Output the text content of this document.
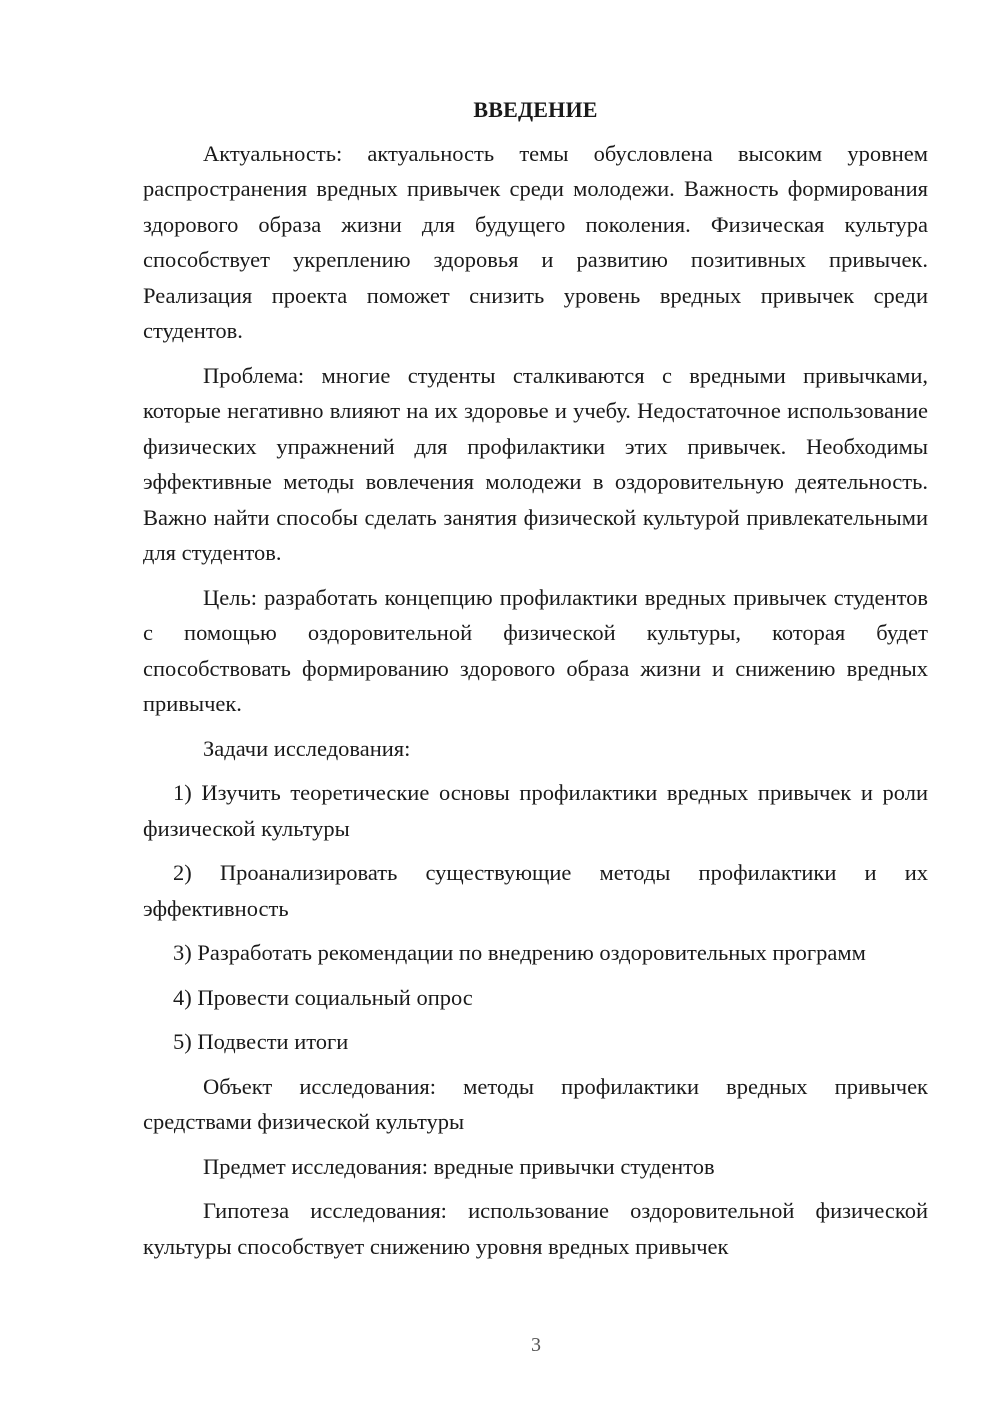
ВВЕДЕНИЕ

Актуальность: актуальность темы обусловлена высоким уровнем распространения вредных привычек среди молодежи. Важность формирования здорового образа жизни для будущего поколения. Физическая культура способствует укреплению здоровья и развитию позитивных привычек. Реализация проекта поможет снизить уровень вредных привычек среди студентов.

Проблема: многие студенты сталкиваются с вредными привычками, которые негативно влияют на их здоровье и учебу. Недостаточное использование физических упражнений для профилактики этих привычек. Необходимы эффективные методы вовлечения молодежи в оздоровительную деятельность. Важно найти способы сделать занятия физической культурой привлекательными для студентов.

Цель: разработать концепцию профилактики вредных привычек студентов с помощью оздоровительной физической культуры, которая будет способствовать формированию здорового образа жизни и снижению вредных привычек.

Задачи исследования:

1) Изучить теоретические основы профилактики вредных привычек и роли физической культуры

2) Проанализировать существующие методы профилактики и их эффективность

3) Разработать рекомендации по внедрению оздоровительных программ

4) Провести социальный опрос

5) Подвести итоги

Объект исследования: методы профилактики вредных привычек средствами физической культуры

Предмет исследования: вредные привычки студентов

Гипотеза исследования: использование оздоровительной физической культуры способствует снижению уровня вредных привычек

3
